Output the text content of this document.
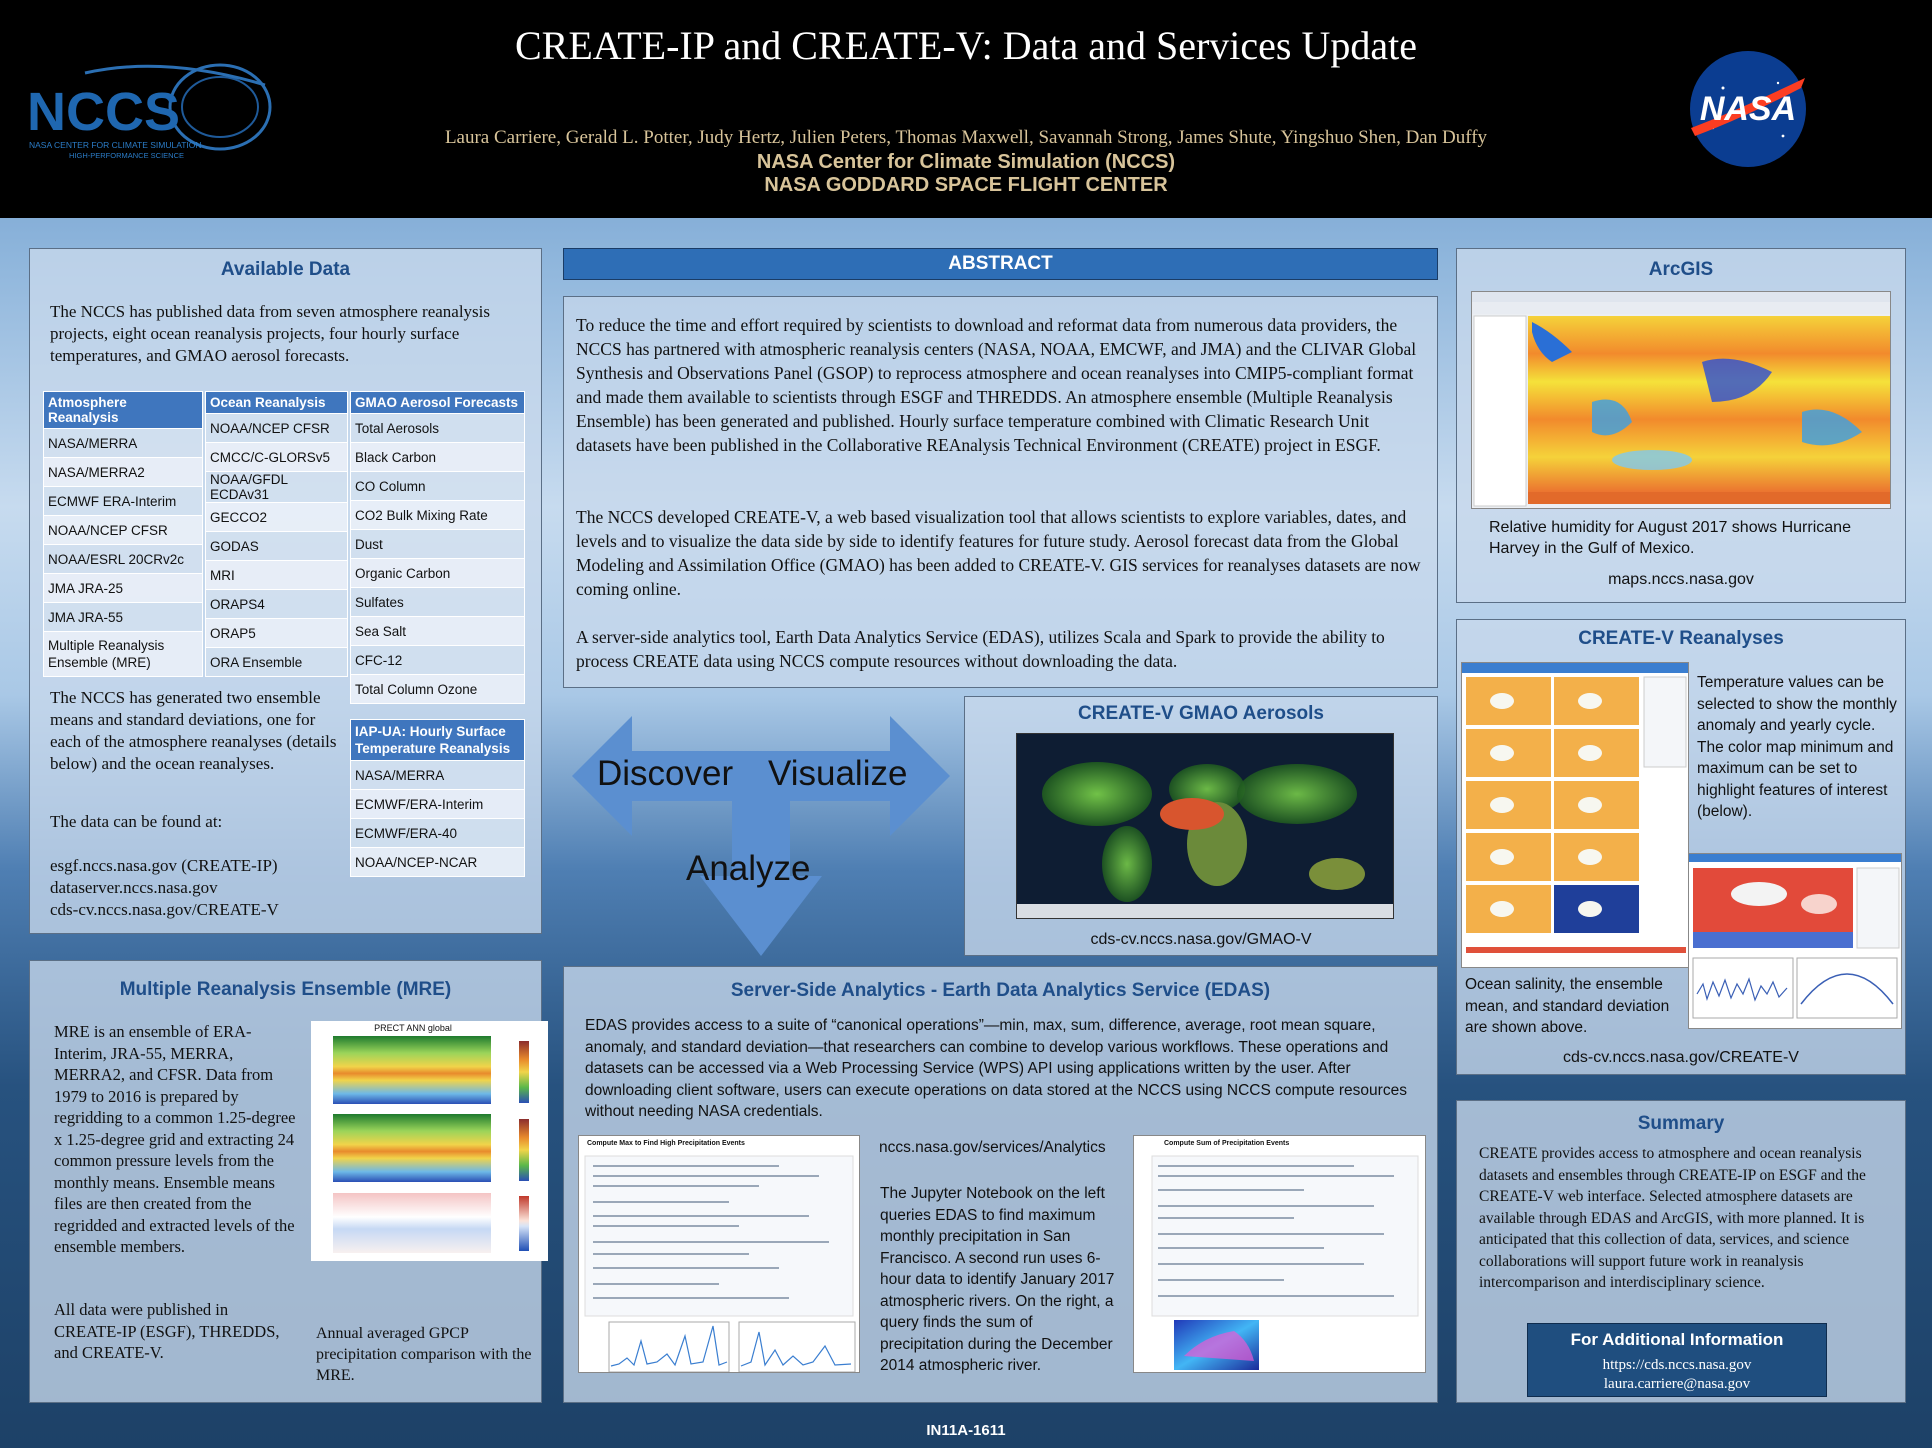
NCCS
NASA CENTER FOR CLIMATE SIMULATION
HIGH-PERFORMANCE SCIENCE
CREATE-IP and CREATE-V: Data and Services Update
Laura Carriere, Gerald L. Potter, Judy Hertz, Julien Peters, Thomas Maxwell, Savannah Strong, James Shute, Yingshuo Shen, Dan Duffy
NASA Center for Climate Simulation (NCCS)
NASA GODDARD SPACE FLIGHT CENTER
NASA
Available Data
The NCCS has published data from seven atmosphere reanalysis projects, eight ocean reanalysis projects, four hourly surface temperatures, and GMAO aerosol forecasts.
Atmosphere Reanalysis
NASA/MERRA
NASA/MERRA2
ECMWF ERA-Interim
NOAA/NCEP CFSR
NOAA/ESRL 20CRv2c
JMA JRA-25
JMA JRA-55
Multiple Reanalysis Ensemble (MRE)
Ocean Reanalysis
NOAA/NCEP CFSR
CMCC/C-GLORSv5
NOAA/GFDL ECDAv31
GECCO2
GODAS
MRI
ORAPS4
ORAP5
ORA Ensemble
GMAO Aerosol Forecasts
Total Aerosols
Black Carbon
CO Column
CO2 Bulk Mixing Rate
Dust
Organic Carbon
Sulfates
Sea Salt
CFC-12
Total Column Ozone
IAP-UA: Hourly Surface Temperature Reanalysis
NASA/MERRA
ECMWF/ERA-Interim
ECMWF/ERA-40
NOAA/NCEP-NCAR
The NCCS has generated two ensemble means and standard deviations, one for each of the atmosphere reanalyses (details below) and the ocean reanalyses.
The data can be found at:
esgf.nccs.nasa.gov (CREATE-IP)
dataserver.nccs.nasa.gov
cds-cv.nccs.nasa.gov/CREATE-V
Multiple Reanalysis Ensemble (MRE)
MRE is an ensemble of ERA-Interim, JRA-55, MERRA, MERRA2, and CFSR. Data from 1979 to 2016 is prepared by regridding to a common 1.25-degree x 1.25-degree grid and extracting 24 common pressure levels from the monthly means. Ensemble means files are then created from the regridded and extracted levels of the ensemble members.
All data were published in CREATE-IP (ESGF), THREDDS, and CREATE-V.
PRECT ANN global
Annual averaged GPCP precipitation comparison with the MRE.
ABSTRACT
To reduce the time and effort required by scientists to download and reformat data from numerous data providers, the NCCS has partnered with atmospheric reanalysis centers (NASA, NOAA, EMCWF, and JMA) and the CLIVAR Global Synthesis and Observations Panel (GSOP) to reprocess atmosphere and ocean reanalyses into CMIP5-compliant format and made them available to scientists through ESGF and THREDDS. An atmosphere ensemble (Multiple Reanalysis Ensemble) has been generated and published. Hourly surface temperature combined with Climatic Research Unit datasets have been published in the Collaborative REAnalysis Technical Environment (CREATE) project in ESGF.
The NCCS developed CREATE-V, a web based visualization tool that allows scientists to explore variables, dates, and levels and to visualize the data side by side to identify features for future study. Aerosol forecast data from the Global Modeling and Assimilation Office (GMAO) has been added to CREATE-V. GIS services for reanalyses datasets are now coming online.
A server-side analytics tool, Earth Data Analytics Service (EDAS), utilizes Scala and Spark to provide the ability to process CREATE data using NCCS compute resources without downloading the data.
Discover Visualize
Analyze
CREATE-V GMAO Aerosols
cds-cv.nccs.nasa.gov/GMAO-V
Server-Side Analytics - Earth Data Analytics Service (EDAS)
EDAS provides access to a suite of “canonical operations”—min, max, sum, difference, average, root mean square, anomaly, and standard deviation—that researchers can combine to develop various workflows. These operations and datasets can be accessed via a Web Processing Service (WPS) API using applications written by the user. After downloading client software, users can execute operations on data stored at the NCCS using NCCS compute resources without needing NASA credentials.
Compute Max to Find High Precipitation Events	nccs.nasa.gov/services/Analytics
The Jupyter Notebook on the left queries EDAS to find maximum monthly precipitation in San Francisco. A second run uses 6-hour data to identify January 2017 atmospheric rivers. On the right, a query finds the sum of precipitation during the December 2014 atmospheric river.
Compute Sum of Precipitation Events
ArcGIS
Relative humidity for August 2017 shows Hurricane Harvey in the Gulf of Mexico.
maps.nccs.nasa.gov
CREATE-V Reanalyses
Temperature values can be selected to show the monthly anomaly and yearly cycle. The color map minimum and maximum can be set to highlight features of interest (below).
Ocean salinity, the ensemble mean, and standard deviation are shown above.
cds-cv.nccs.nasa.gov/CREATE-V
Summary
CREATE provides access to atmosphere and ocean reanalysis datasets and ensembles through CREATE-IP on ESGF and the CREATE-V web interface. Selected atmosphere datasets are available through EDAS and ArcGIS, with more planned. It is anticipated that this collection of data, services, and science collaborations will support future work in reanalysis intercomparison and interdisciplinary science.
For Additional Information
https://cds.nccs.nasa.gov
laura.carriere@nasa.gov
IN11A-1611
